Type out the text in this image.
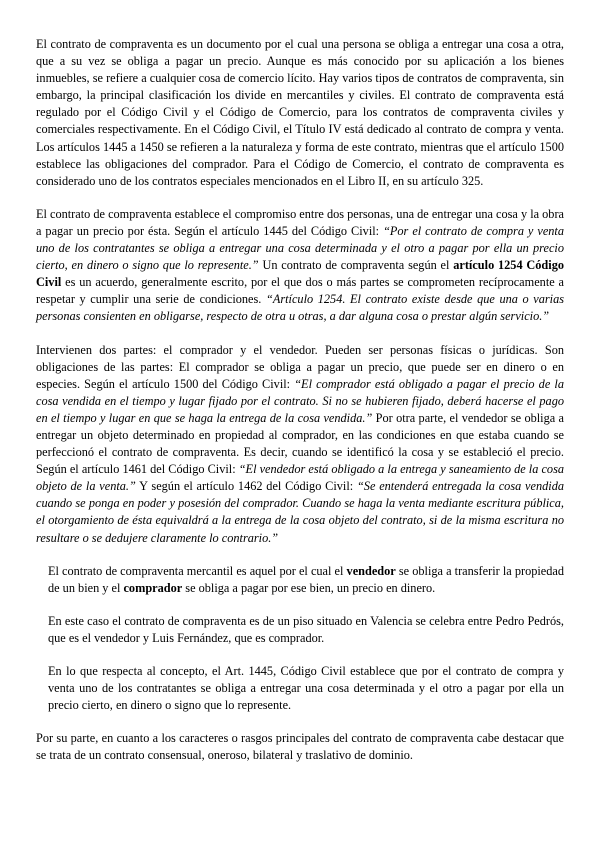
El contrato de compraventa es un documento por el cual una persona se obliga a entregar una cosa a otra, que a su vez se obliga a pagar un precio. Aunque es más conocido por su aplicación a los bienes inmuebles, se refiere a cualquier cosa de comercio lícito. Hay varios tipos de contratos de compraventa, sin embargo, la principal clasificación los divide en mercantiles y civiles. El contrato de compraventa está regulado por el Código Civil y el Código de Comercio, para los contratos de compraventa civiles y comerciales respectivamente. En el Código Civil, el Título IV está dedicado al contrato de compra y venta. Los artículos 1445 a 1450 se refieren a la naturaleza y forma de este contrato, mientras que el artículo 1500 establece las obligaciones del comprador. Para el Código de Comercio, el contrato de compraventa es considerado uno de los contratos especiales mencionados en el Libro II, en su artículo 325.

El contrato de compraventa establece el compromiso entre dos personas, una de entregar una cosa y la obra a pagar un precio por ésta. Según el artículo 1445 del Código Civil: “Por el contrato de compra y venta uno de los contratantes se obliga a entregar una cosa determinada y el otro a pagar por ella un precio cierto, en dinero o signo que lo represente.” Un contrato de compraventa según el artículo 1254 Código Civil es un acuerdo, generalmente escrito, por el que dos o más partes se comprometen recíprocamente a respetar y cumplir una serie de condiciones. “Artículo 1254. El contrato existe desde que una o varias personas consienten en obligarse, respecto de otra u otras, a dar alguna cosa o prestar algún servicio.”

Intervienen dos partes: el comprador y el vendedor. Pueden ser personas físicas o jurídicas. Son obligaciones de las partes: El comprador se obliga a pagar un precio, que puede ser en dinero o en especies. Según el artículo 1500 del Código Civil: “El comprador está obligado a pagar el precio de la cosa vendida en el tiempo y lugar fijado por el contrato. Si no se hubieren fijado, deberá hacerse el pago en el tiempo y lugar en que se haga la entrega de la cosa vendida.” Por otra parte, el vendedor se obliga a entregar un objeto determinado en propiedad al comprador, en las condiciones en que estaba cuando se perfeccionó el contrato de compraventa. Es decir, cuando se identificó la cosa y se estableció el precio. Según el artículo 1461 del Código Civil: “El vendedor está obligado a la entrega y saneamiento de la cosa objeto de la venta.” Y según el artículo 1462 del Código Civil: “Se entenderá entregada la cosa vendida cuando se ponga en poder y posesión del comprador. Cuando se haga la venta mediante escritura pública, el otorgamiento de ésta equivaldrá a la entrega de la cosa objeto del contrato, si de la misma escritura no resultare o se dedujere claramente lo contrario.”

El contrato de compraventa mercantil es aquel por el cual el vendedor se obliga a transferir la propiedad de un bien y el comprador se obliga a pagar por ese bien, un precio en dinero.

En este caso el contrato de compraventa es de un piso situado en Valencia se celebra entre Pedro Pedrós, que es el vendedor y Luis Fernández, que es comprador.

En lo que respecta al concepto, el Art. 1445, Código Civil establece que por el contrato de compra y venta uno de los contratantes se obliga a entregar una cosa determinada y el otro a pagar por ella un precio cierto, en dinero o signo que lo represente.

Por su parte, en cuanto a los caracteres o rasgos principales del contrato de compraventa cabe destacar que se trata de un contrato consensual, oneroso, bilateral y traslativo de dominio.
